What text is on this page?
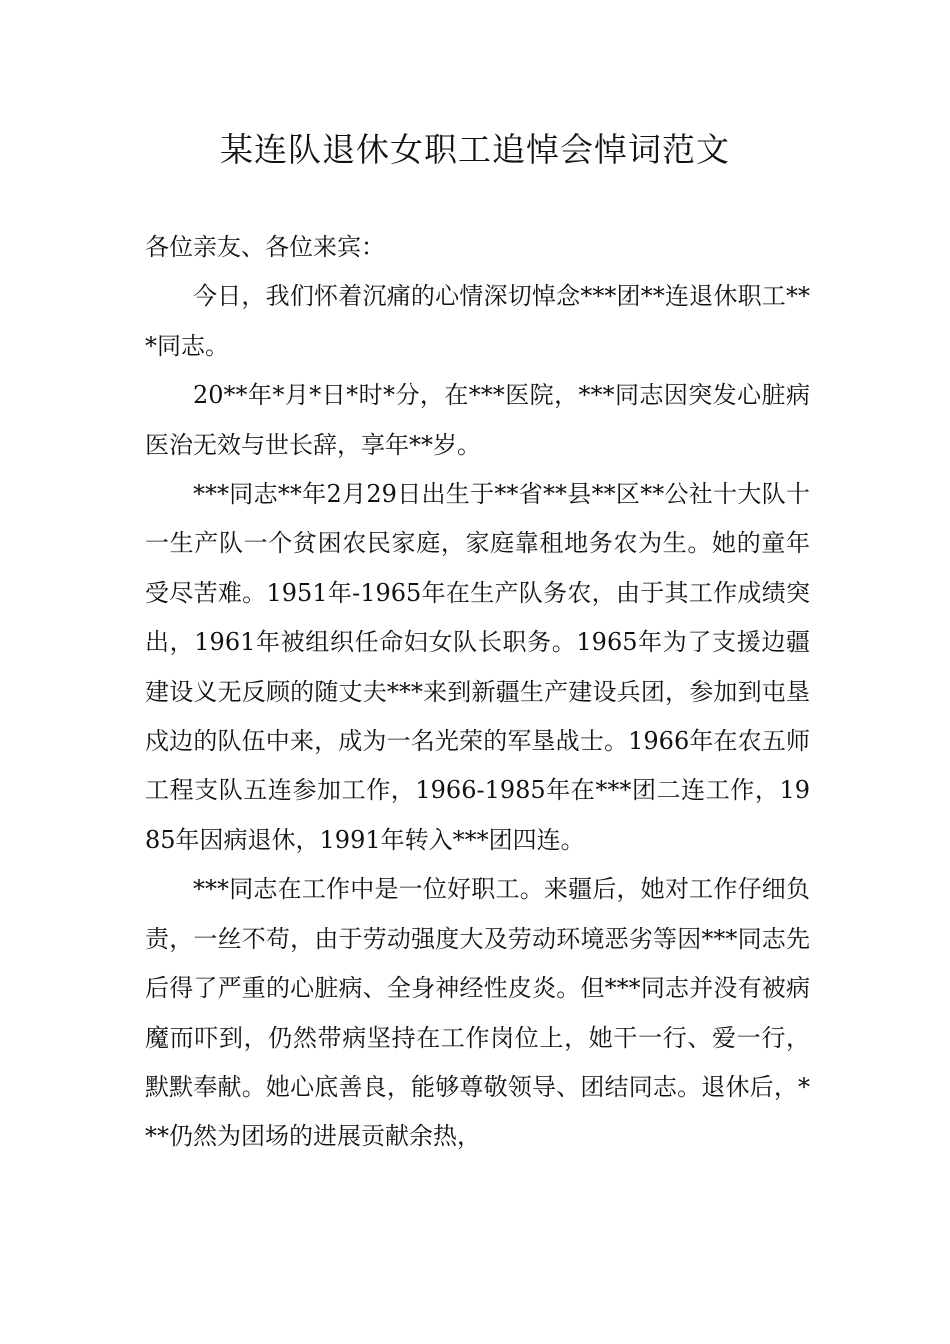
某连队退休女职工追悼会悼词范文

各位亲友、各位来宾：

今日，我们怀着沉痛的心情深切悼念***团**连退休职工***同志。

20**年*月*日*时*分，在***医院，***同志因突发心脏病医治无效与世长辞，享年**岁。

***同志**年2月29日出生于**省**县**区**公社十大队十一生产队一个贫困农民家庭，家庭靠租地务农为生。她的童年受尽苦难。1951年-1965年在生产队务农，由于其工作成绩突出，1961年被组织任命妇女队长职务。1965年为了支援边疆建设义无反顾的随丈夫***来到新疆生产建设兵团，参加到屯垦戍边的队伍中来，成为一名光荣的军垦战士。1966年在农五师工程支队五连参加工作，1966-1985年在***团二连工作，1985年因病退休，1991年转入***团四连。

***同志在工作中是一位好职工。来疆后，她对工作仔细负责，一丝不苟，由于劳动强度大及劳动环境恶劣等因***同志先后得了严重的心脏病、全身神经性皮炎。但***同志并没有被病魔而吓到，仍然带病坚持在工作岗位上，她干一行、爱一行，默默奉献。她心底善良，能够尊敬领导、团结同志。退休后，***仍然为团场的进展贡献余热，
